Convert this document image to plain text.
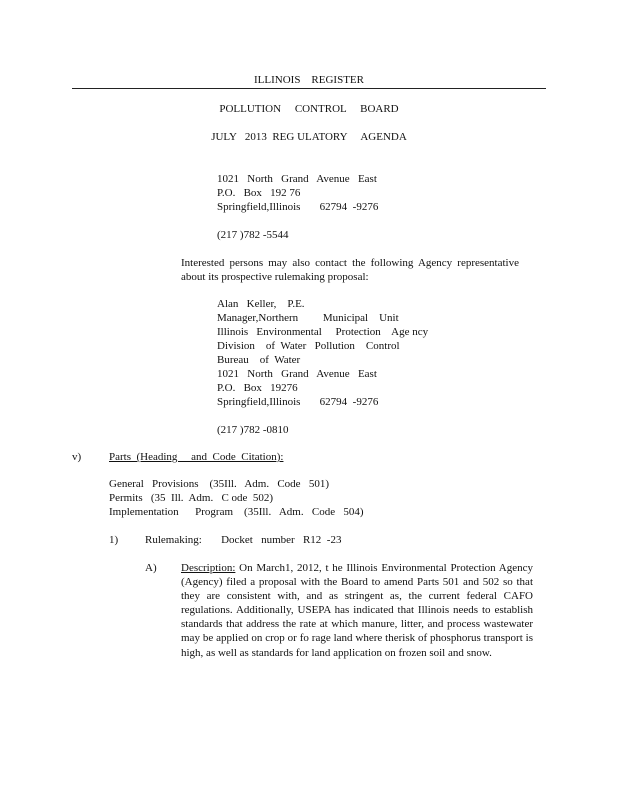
ILLINOIS    REGISTER
POLLUTION     CONTROL     BOARD
JULY   2013  REG ULATORY     AGENDA
1021   North   Grand   Avenue   East
P.O.   Box   192 76
Springfield,Illinois       62794  -9276
(217 )782 -5544
Interested persons may also contact the following Agency representative about its prospective rulemaking proposal:
Alan   Keller,    P.E.
Manager,Northern         Municipal    Unit
Illinois   Environmental     Protection    Age ncy
Division    of  Water   Pollution    Control
Bureau    of  Water
1021   North   Grand   Avenue   East
P.O.   Box   19276
Springfield,Illinois       62794  -9276
(217 )782 -0810
v)	Parts  (Heading     and  Code  Citation):
General   Provisions    (35Ill.   Adm.   Code   501)
Permits   (35  Ill.  Adm.   C ode  502)
Implementation      Program    (35Ill.   Adm.   Code   504)
1) Rulemaking:       Docket   number   R12  -23
A) Description: On March1, 2012, t he Illinois Environmental Protection Agency (Agency) filed a proposal with the Board to amend Parts 501 and 502 so that they are consistent with, and as stringent as, the current federal CAFO regulations. Additionally, USEPA has indicated that Illinois needs to establish standards that address the rate at which manure, litter, and process wastewater may be applied on crop or fo rage land where therisk of phosphorus transport is high, as well as standards for land application on frozen soil and snow.
